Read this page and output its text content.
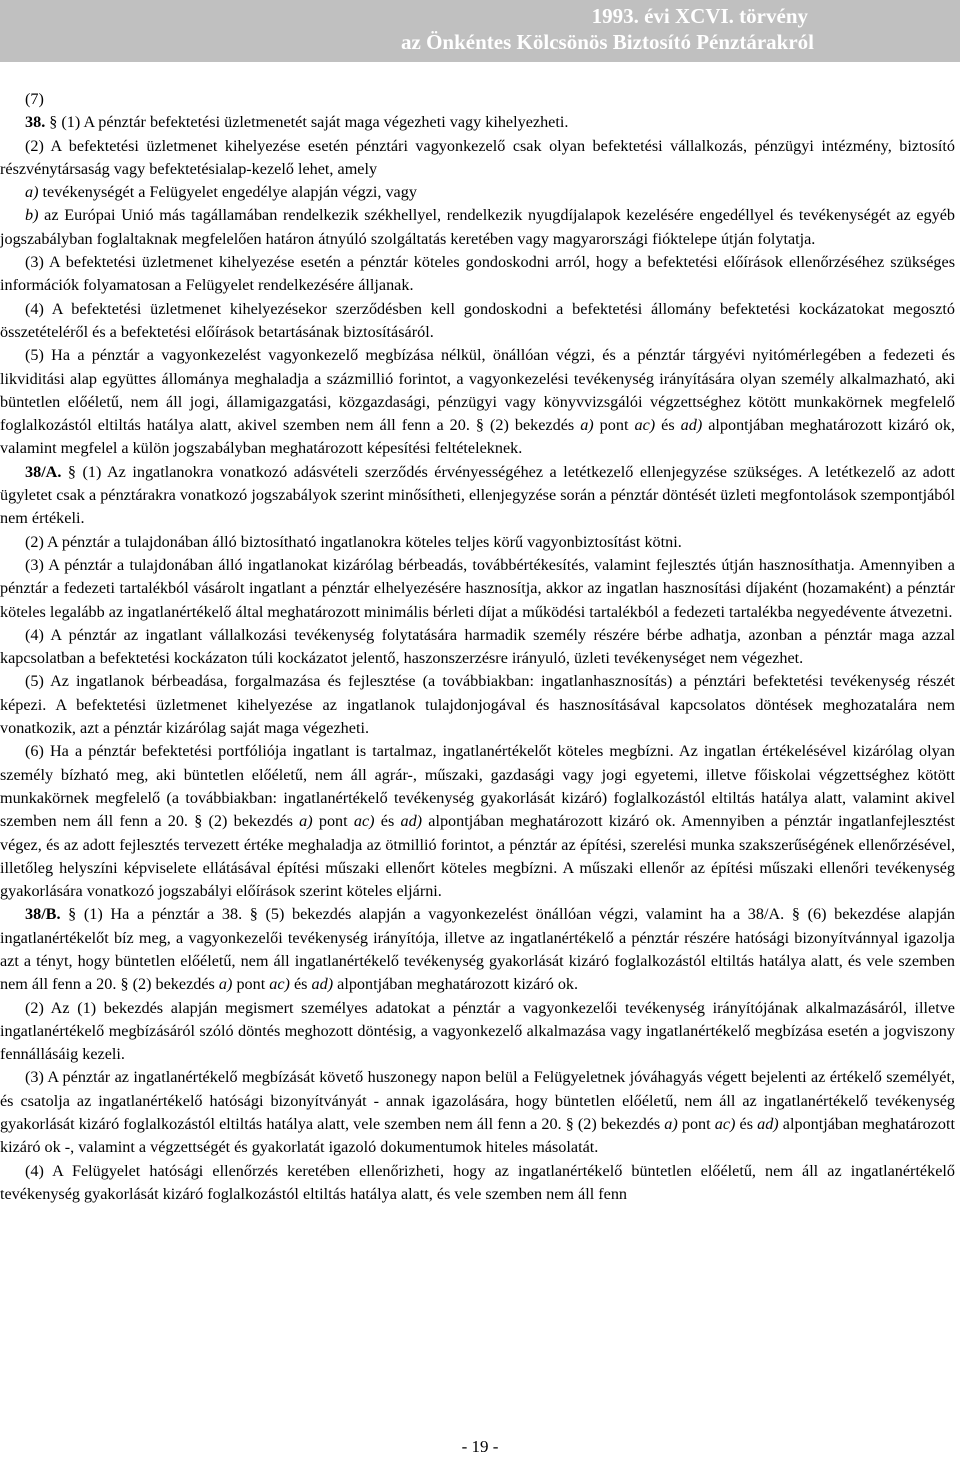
1993. évi XCVI. törvény
az Önkéntes Kölcsönös Biztosító Pénztárakról

(7)

38. § (1) A pénztár befektetési üzletmenetét saját maga végezheti vagy kihelyezheti.

(2) A befektetési üzletmenet kihelyezése esetén pénztári vagyonkezelő csak olyan befektetési vállalkozás, pénzügyi intézmény, biztosító részvénytársaság vagy befektetésialap-kezelő lehet, amely

a) tevékenységét a Felügyelet engedélye alapján végzi, vagy

b) az Európai Unió más tagállamában rendelkezik székhellyel, rendelkezik nyugdíjalapok kezelésére engedéllyel és tevékenységét az egyéb jogszabályban foglaltaknak megfelelően határon átnyúló szolgáltatás keretében vagy magyarországi fióktelepe útján folytatja.

(3) A befektetési üzletmenet kihelyezése esetén a pénztár köteles gondoskodni arról, hogy a befektetési előírások ellenőrzéséhez szükséges információk folyamatosan a Felügyelet rendelkezésére álljanak.

(4) A befektetési üzletmenet kihelyezésekor szerződésben kell gondoskodni a befektetési állomány befektetési kockázatokat megosztó összetételéről és a befektetési előírások betartásának biztosításáról.

(5) Ha a pénztár a vagyonkezelést vagyonkezelő megbízása nélkül, önállóan végzi, és a pénztár tárgyévi nyitómérlegében a fedezeti és likviditási alap együttes állománya meghaladja a százmillió forintot, a vagyonkezelési tevékenység irányítására olyan személy alkalmazható, aki büntetlen előéletű, nem áll jogi, államigazgatási, közgazdasági, pénzügyi vagy könyvvizsgálói végzettséghez kötött munkakörnek megfelelő foglalkozástól eltiltás hatálya alatt, akivel szemben nem áll fenn a 20. § (2) bekezdés a) pont ac) és ad) alpontjában meghatározott kizáró ok, valamint megfelel a külön jogszabályban meghatározott képesítési feltételeknek.

38/A. § (1) Az ingatlanokra vonatkozó adásvételi szerződés érvényességéhez a letétkezelő ellenjegyzése szükséges. A letétkezelő az adott ügyletet csak a pénztárakra vonatkozó jogszabályok szerint minősítheti, ellenjegyzése során a pénztár döntését üzleti megfontolások szempontjából nem értékeli.

(2) A pénztár a tulajdonában álló biztosítható ingatlanokra köteles teljes körű vagyonbiztosítást kötni.

(3) A pénztár a tulajdonában álló ingatlanokat kizárólag bérbeadás, továbbértékesítés, valamint fejlesztés útján hasznosíthatja. Amennyiben a pénztár a fedezeti tartalékból vásárolt ingatlant a pénztár elhelyezésére hasznosítja, akkor az ingatlan hasznosítási díjaként (hozamaként) a pénztár köteles legalább az ingatlanértékelő által meghatározott minimális bérleti díjat a működési tartalékból a fedezeti tartalékba negyedévente átvezetni.

(4) A pénztár az ingatlant vállalkozási tevékenység folytatására harmadik személy részére bérbe adhatja, azonban a pénztár maga azzal kapcsolatban a befektetési kockázaton túli kockázatot jelentő, haszonszerzésre irányuló, üzleti tevékenységet nem végezhet.

(5) Az ingatlanok bérbeadása, forgalmazása és fejlesztése (a továbbiakban: ingatlanhasznosítás) a pénztári befektetési tevékenység részét képezi. A befektetési üzletmenet kihelyezése az ingatlanok tulajdonjogával és hasznosításával kapcsolatos döntések meghozatalára nem vonatkozik, azt a pénztár kizárólag saját maga végezheti.

(6) Ha a pénztár befektetési portfóliója ingatlant is tartalmaz, ingatlanértékelőt köteles megbízni. Az ingatlan értékelésével kizárólag olyan személy bízható meg, aki büntetlen előéletű, nem áll agrár-, műszaki, gazdasági vagy jogi egyetemi, illetve főiskolai végzettséghez kötött munkakörnek megfelelő (a továbbiakban: ingatlanértékelő tevékenység gyakorlását kizáró) foglalkozástól eltiltás hatálya alatt, valamint akivel szemben nem áll fenn a 20. § (2) bekezdés a) pont ac) és ad) alpontjában meghatározott kizáró ok. Amennyiben a pénztár ingatlanfejlesztést végez, és az adott fejlesztés tervezett értéke meghaladja az ötmillió forintot, a pénztár az építési, szerelési munka szakszerűségének ellenőrzésével, illetőleg helyszíni képviselete ellátásával építési műszaki ellenőrt köteles megbízni. A műszaki ellenőr az építési műszaki ellenőri tevékenység gyakorlására vonatkozó jogszabályi előírások szerint köteles eljárni.

38/B. § (1) Ha a pénztár a 38. § (5) bekezdés alapján a vagyonkezelést önállóan végzi, valamint ha a 38/A. § (6) bekezdése alapján ingatlanértékelőt bíz meg, a vagyonkezelői tevékenység irányítója, illetve az ingatlanértékelő a pénztár részére hatósági bizonyítvánnyal igazolja azt a tényt, hogy büntetlen előéletű, nem áll ingatlanértékelő tevékenység gyakorlását kizáró foglalkozástól eltiltás hatálya alatt, és vele szemben nem áll fenn a 20. § (2) bekezdés a) pont ac) és ad) alpontjában meghatározott kizáró ok.

(2) Az (1) bekezdés alapján megismert személyes adatokat a pénztár a vagyonkezelői tevékenység irányítójának alkalmazásáról, illetve ingatlanértékelő megbízásáról szóló döntés meghozott döntésig, a vagyonkezelő alkalmazása vagy ingatlanértékelő megbízása esetén a jogviszony fennállásáig kezeli.

(3) A pénztár az ingatlanértékelő megbízását követő huszonegy napon belül a Felügyeletnek jóváhagyás végett bejelenti az értékelő személyét, és csatolja az ingatlanértékelő hatósági bizonyítványát - annak igazolására, hogy büntetlen előéletű, nem áll az ingatlanértékelő tevékenység gyakorlását kizáró foglalkozástól eltiltás hatálya alatt, vele szemben nem áll fenn a 20. § (2) bekezdés a) pont ac) és ad) alpontjában meghatározott kizáró ok -, valamint a végzettségét és gyakorlatát igazoló dokumentumok hiteles másolatát.

(4) A Felügyelet hatósági ellenőrzés keretében ellenőrizheti, hogy az ingatlanértékelő büntetlen előéletű, nem áll az ingatlanértékelő tevékenység gyakorlását kizáró foglalkozástól eltiltás hatálya alatt, és vele szemben nem áll fenn

- 19 -
